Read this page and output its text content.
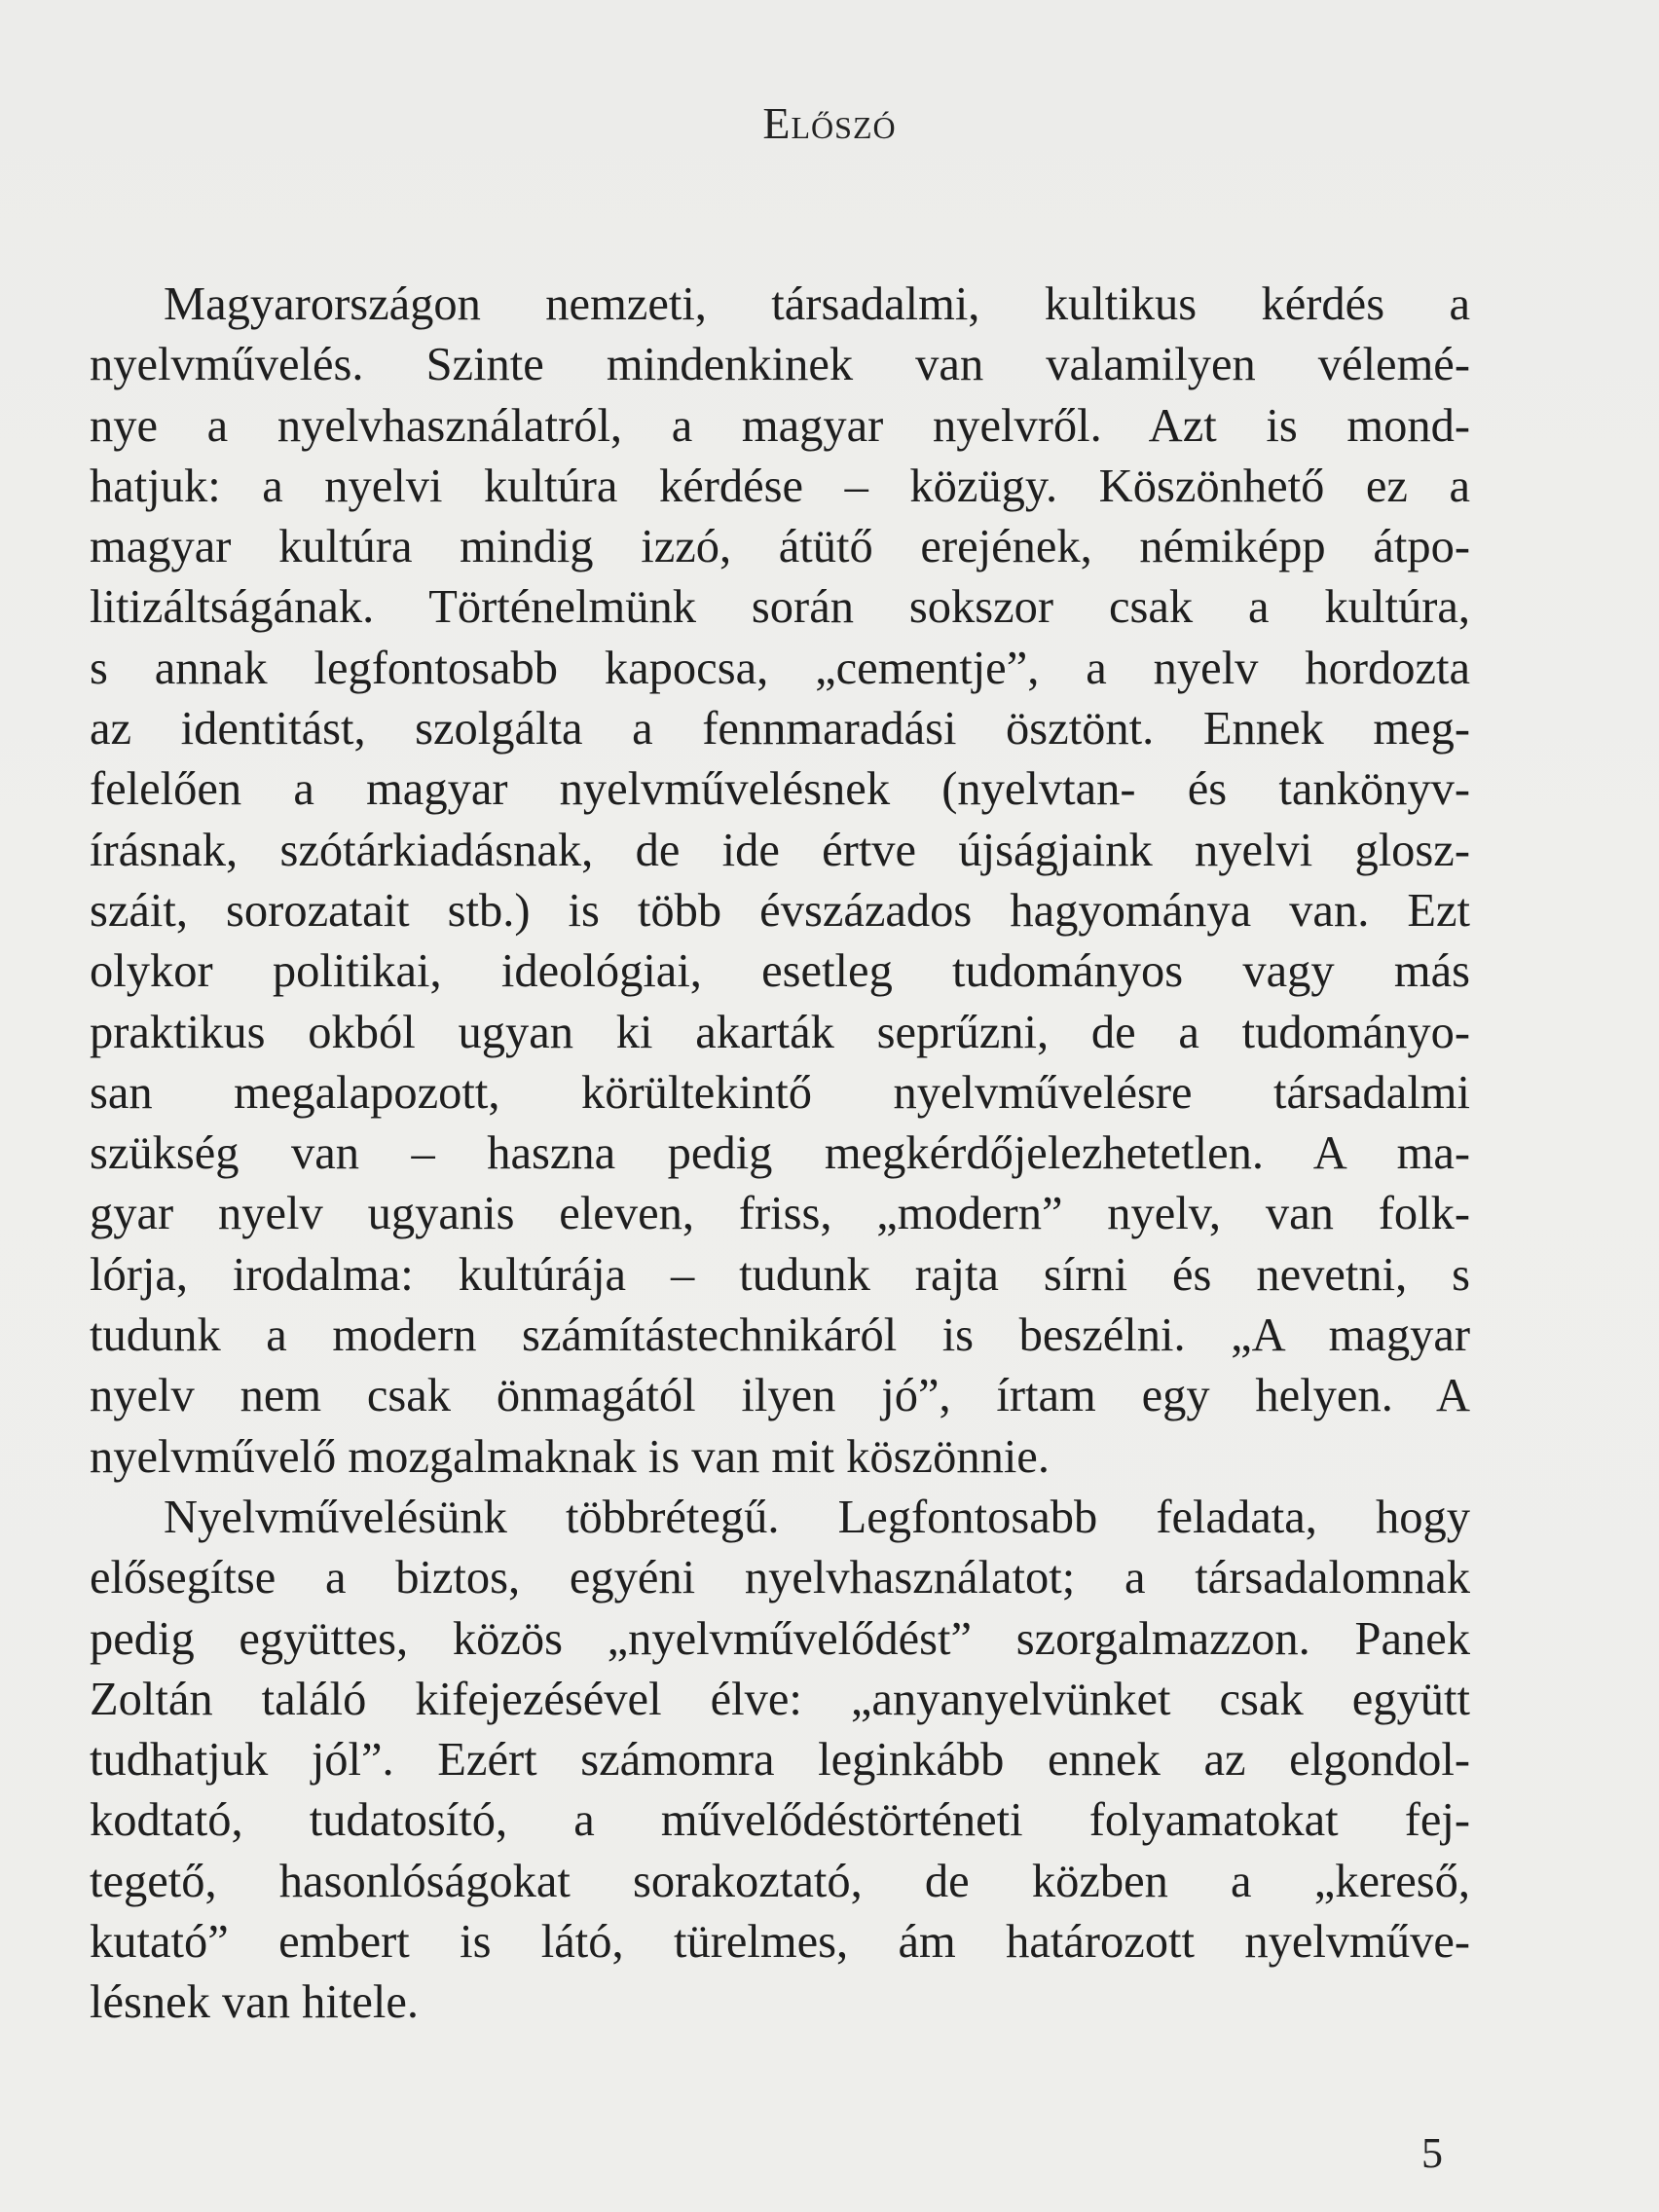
Előszó
Magyarországon nemzeti, társadalmi, kultikus kérdés a
nyelvművelés. Szinte mindenkinek van valamilyen vélemé-
nye a nyelvhasználatról, a magyar nyelvről. Azt is mond-
hatjuk: a nyelvi kultúra kérdése – közügy. Köszönhető ez a
magyar kultúra mindig izzó, átütő erejének, némiképp átpo-
litizáltságának. Történelmünk során sokszor csak a kultúra,
s annak legfontosabb kapocsa, „cementje”, a nyelv hordozta
az identitást, szolgálta a fennmaradási ösztönt. Ennek meg-
felelően a magyar nyelvművelésnek (nyelvtan- és tankönyv-
írásnak, szótárkiadásnak, de ide értve újságjaink nyelvi glosz-
száit, sorozatait stb.) is több évszázados hagyománya van. Ezt
olykor politikai, ideológiai, esetleg tudományos vagy más
praktikus okból ugyan ki akarták seprűzni, de a tudományo-
san megalapozott, körültekintő nyelvművelésre társadalmi
szükség van – haszna pedig megkérdőjelezhetetlen. A ma-
gyar nyelv ugyanis eleven, friss, „modern” nyelv, van folk-
lórja, irodalma: kultúrája – tudunk rajta sírni és nevetni, s
tudunk a modern számítástechnikáról is beszélni. „A magyar
nyelv nem csak önmagától ilyen jó”, írtam egy helyen. A
nyelvművelő mozgalmaknak is van mit köszönnie.
Nyelvművelésünk többrétegű. Legfontosabb feladata, hogy
elősegítse a biztos, egyéni nyelvhasználatot; a társadalomnak
pedig együttes, közös „nyelvművelődést” szorgalmazzon. Panek
Zoltán találó kifejezésével élve: „anyanyelvünket csak együtt
tudhatjuk jól”. Ezért számomra leginkább ennek az elgondol-
kodtató, tudatosító, a művelődéstörténeti folyamatokat fej-
tegető, hasonlóságokat sorakoztató, de közben a „kereső,
kutató” embert is látó, türelmes, ám határozott nyelvműve-
lésnek van hitele.
5
